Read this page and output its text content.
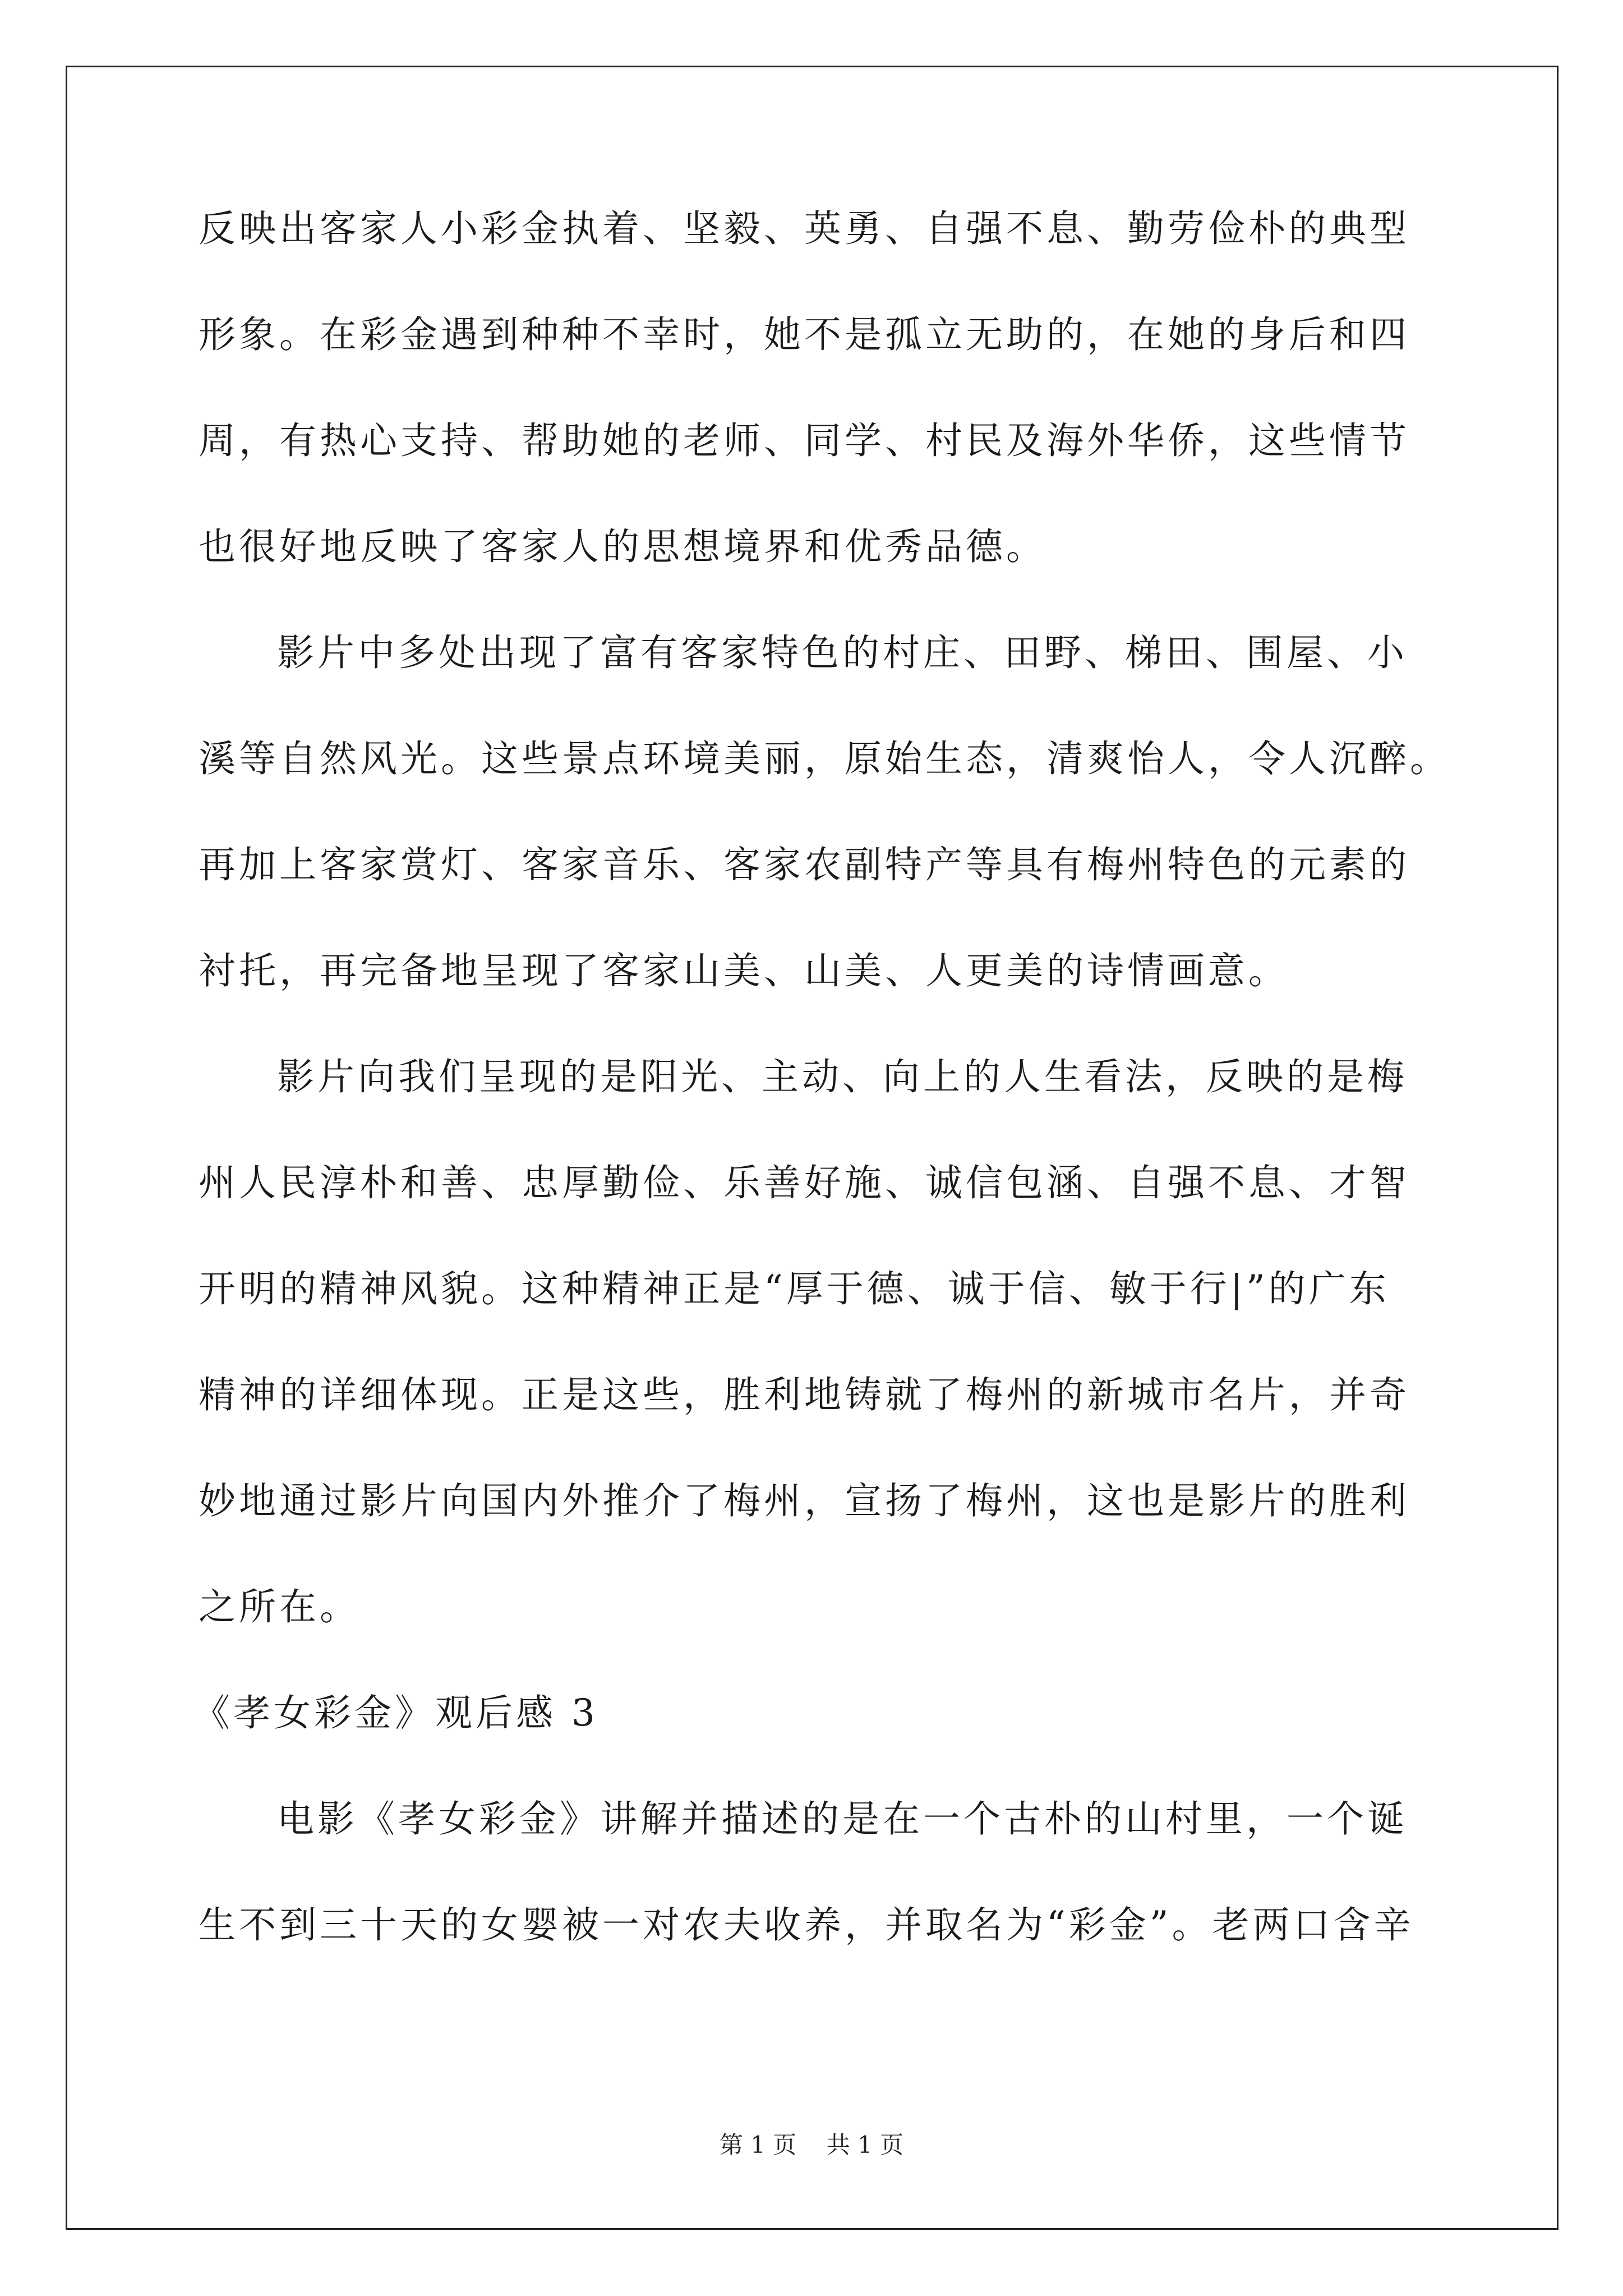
反映出客家人小彩金执着、坚毅、英勇、自强不息、勤劳俭朴的典型
形象。在彩金遇到种种不幸时，她不是孤立无助的，在她的身后和四
周，有热心支持、帮助她的老师、同学、村民及海外华侨，这些情节
也很好地反映了客家人的思想境界和优秀品德。
影片中多处出现了富有客家特色的村庄、田野、梯田、围屋、小
溪等自然风光。这些景点环境美丽，原始生态，清爽怡人，令人沉醉。
再加上客家赏灯、客家音乐、客家农副特产等具有梅州特色的元素的
衬托，再完备地呈现了客家山美、山美、人更美的诗情画意。
影片向我们呈现的是阳光、主动、向上的人生看法，反映的是梅
州人民淳朴和善、忠厚勤俭、乐善好施、诚信包涵、自强不息、才智
开明的精神风貌。这种精神正是“厚于德、诚于信、敏于行|”的广东
精神的详细体现。正是这些，胜利地铸就了梅州的新城市名片，并奇
妙地通过影片向国内外推介了梅州，宣扬了梅州，这也是影片的胜利
之所在。
《孝女彩金》观后感 3
电影《孝女彩金》讲解并描述的是在一个古朴的山村里，一个诞
生不到三十天的女婴被一对农夫收养，并取名为“彩金”。老两口含辛
第 1 页    共 1 页
